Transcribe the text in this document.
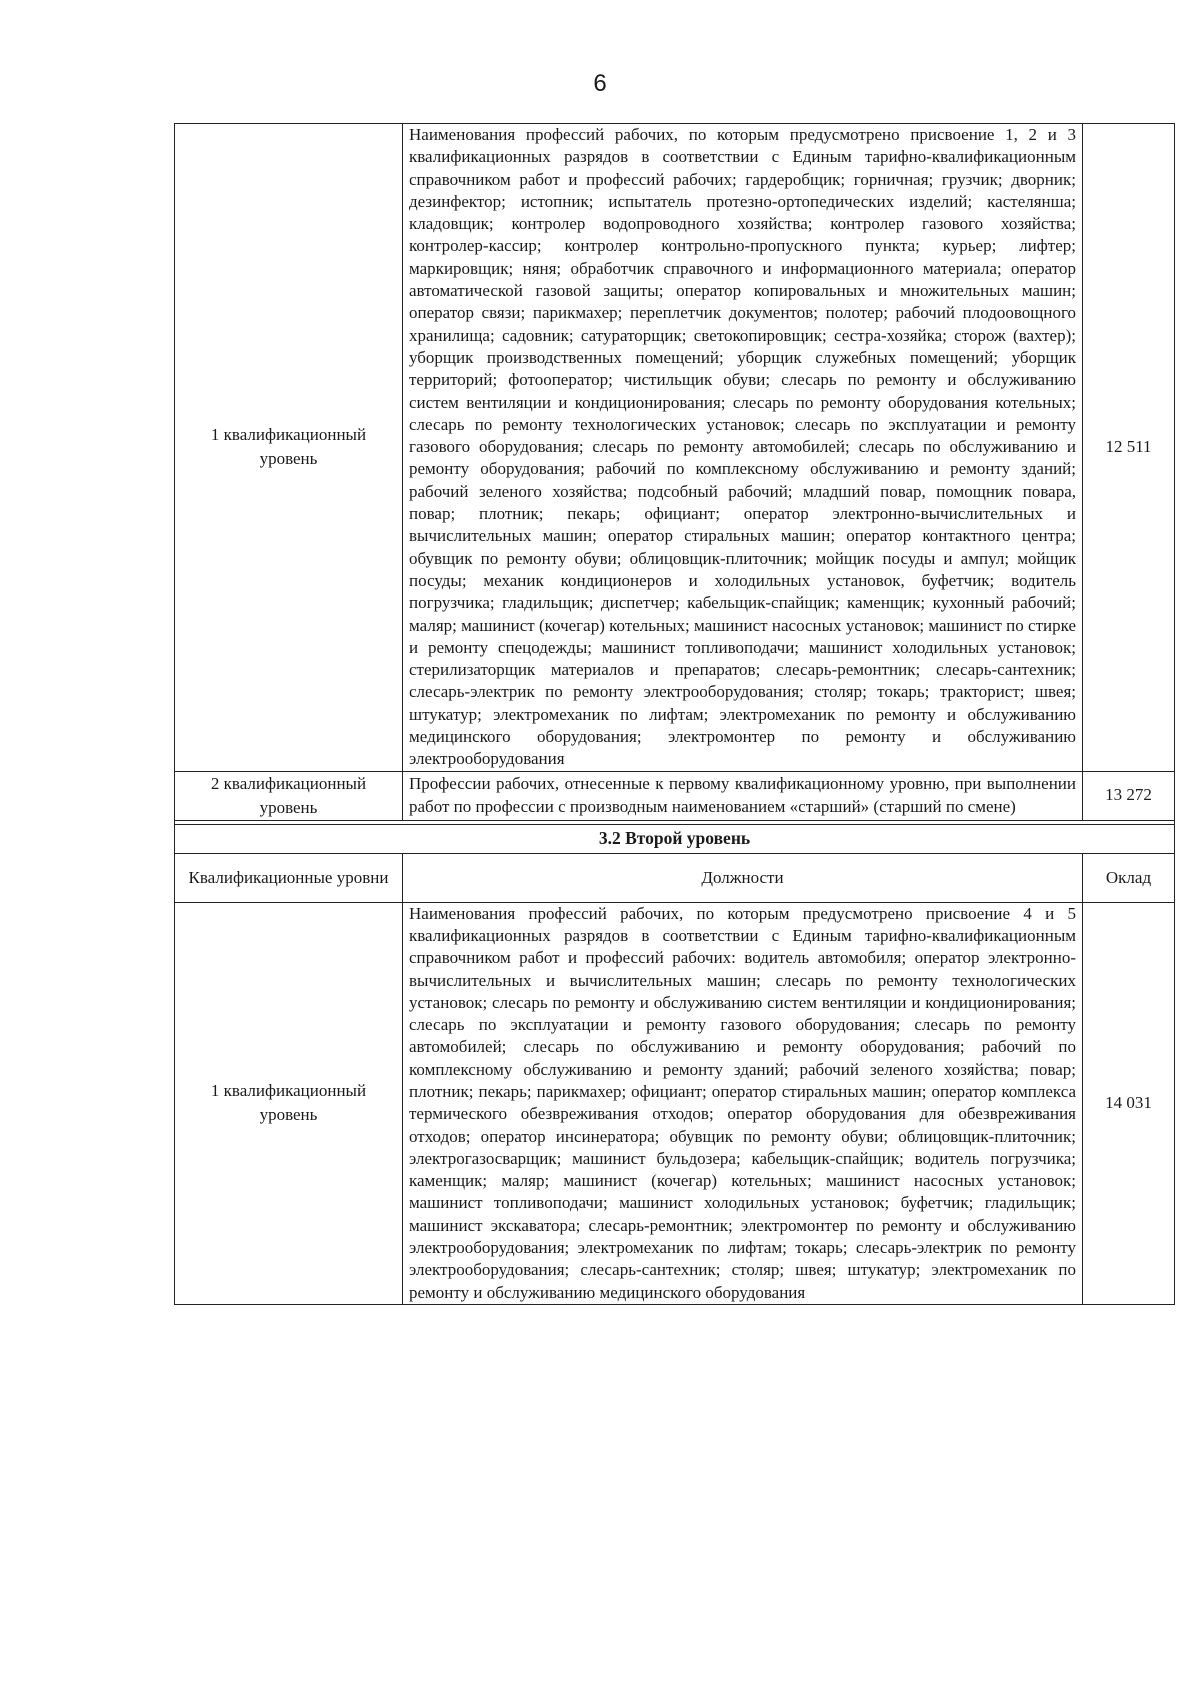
6
1 квалификационный уровень	Наименования профессий рабочих, по которым предусмотрено присвоение 1, 2 и 3 квалификационных разрядов в соответствии с Единым тарифно-квалификационным справочником работ и профессий рабочих; гардеробщик; горничная; грузчик; дворник; дезинфектор; истопник; испытатель протезно-ортопедических изделий; кастелянша; кладовщик; контролер водопроводного хозяйства; контролер газового хозяйства; контролер-кассир; контролер контрольно-пропускного пункта; курьер; лифтер; маркировщик; няня; обработчик справочного и информационного материала; оператор автоматической газовой защиты; оператор копировальных и множительных машин; оператор связи; парикмахер; переплетчик документов; полотер; рабочий плодоовощного хранилища; садовник; сатураторщик; светокопировщик; сестра-хозяйка; сторож (вахтер); уборщик производственных помещений; уборщик служебных помещений; уборщик территорий; фотооператор; чистильщик обуви; слесарь по ремонту и обслуживанию систем вентиляции и кондиционирования; слесарь по ремонту оборудования котельных; слесарь по ремонту технологических установок; слесарь по эксплуатации и ремонту газового оборудования; слесарь по ремонту автомобилей; слесарь по обслуживанию и ремонту оборудования; рабочий по комплексному обслуживанию и ремонту зданий; рабочий зеленого хозяйства; подсобный рабочий; младший повар, помощник повара, повар; плотник; пекарь; официант; оператор электронно-вычислительных и вычислительных машин; оператор стиральных машин; оператор контактного центра; обувщик по ремонту обуви; облицовщик-плиточник; мойщик посуды и ампул; мойщик посуды; механик кондиционеров и холодильных установок, буфетчик; водитель погрузчика; гладильщик; диспетчер; кабельщик-спайщик; каменщик; кухонный рабочий; маляр; машинист (кочегар) котельных; машинист насосных установок; машинист по стирке и ремонту спецодежды; машинист топливоподачи; машинист холодильных установок; стерилизаторщик материалов и препаратов; слесарь-ремонтник; слесарь-сантехник; слесарь-электрик по ремонту электрооборудования; столяр; токарь; тракторист; швея; штукатур; электромеханик по лифтам; электромеханик по ремонту и обслуживанию медицинского оборудования; электромонтер по ремонту и обслуживанию электрооборудования	12 511
2 квалификационный уровень	Профессии рабочих, отнесенные к первому квалификационному уровню, при выполнении работ по профессии с производным наименованием «старший» (старший по смене)	13 272

3.2 Второй уровень		
Квалификационные уровни	Должности	Оклад
1 квалификационный уровень	Наименования профессий рабочих, по которым предусмотрено присвоение 4 и 5 квалификационных разрядов в соответствии с Единым тарифно-квалификационным справочником работ и профессий рабочих: водитель автомобиля; оператор электронно-вычислительных и вычислительных машин; слесарь по ремонту технологических установок; слесарь по ремонту и обслуживанию систем вентиляции и кондиционирования; слесарь по эксплуатации и ремонту газового оборудования; слесарь по ремонту автомобилей; слесарь по обслуживанию и ремонту оборудования; рабочий по комплексному обслуживанию и ремонту зданий; рабочий зеленого хозяйства; повар; плотник; пекарь; парикмахер; официант; оператор стиральных машин; оператор комплекса термического обезвреживания отходов; оператор оборудования для обезвреживания отходов; оператор инсинератора; обувщик по ремонту обуви; облицовщик-плиточник; электрогазосварщик; машинист бульдозера; кабельщик-спайщик; водитель погрузчика; каменщик; маляр; машинист (кочегар) котельных; машинист насосных установок; машинист топливоподачи; машинист холодильных установок; буфетчик; гладильщик; машинист экскаватора; слесарь-ремонтник; электромонтер по ремонту и обслуживанию электрооборудования; электромеханик по лифтам; токарь; слесарь-электрик по ремонту электрооборудования; слесарь-сантехник; столяр; швея; штукатур; электромеханик по ремонту и обслуживанию медицинского оборудования	14 031
